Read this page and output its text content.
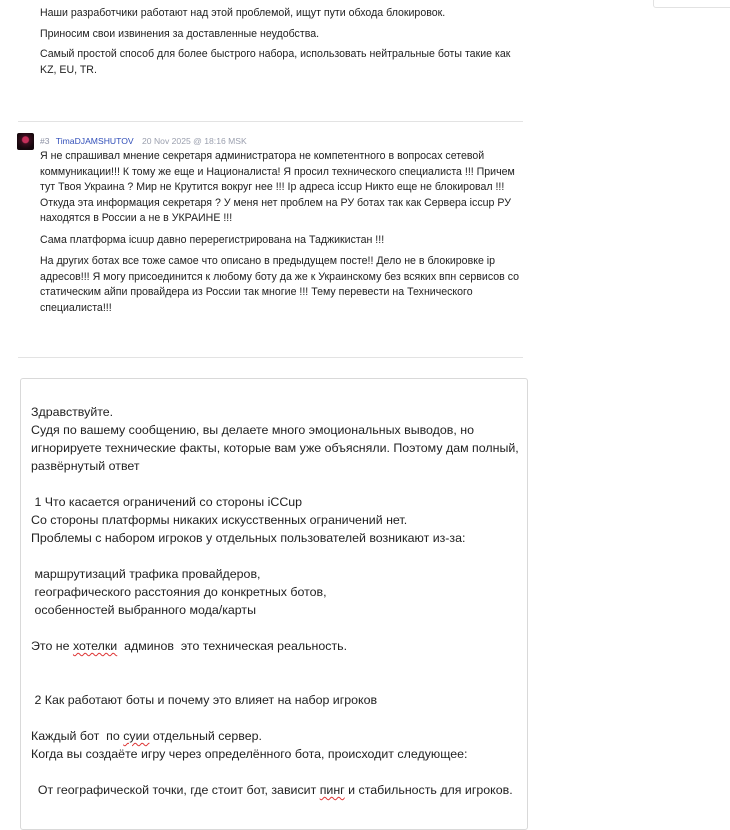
Наши разработчики работают над этой проблемой, ищут пути обхода блокировок.

Приносим свои извинения за доставленные неудобства.

Самый простой способ для более быстрого набора, использовать нейтральные боты такие как KZ, EU, TR.

#3 TimaDJAMSHUTOV 20 Nov 2025 @ 18:16 MSK

Я не спрашивал мнение секретаря администратора не компетентного в вопросах сетевой коммуникации!!! К тому же еще и Националиста! Я просил технического специалиста !!! Причем тут Твоя Украина ? Мир не Крутится вокруг нее !!! Ip адреса iccup Никто еще не блокировал !!! Откуда эта информация секретаря ? У меня нет проблем на РУ ботах так как Сервера iccup РУ находятся в России а не в УКРАИНЕ !!!

Сама платформа icuup давно перерегистрирована на Таджикистан !!!

На других ботах все тоже самое что описано в предыдущем посте!! Дело не в блокировке ip адресов!!! Я могу присоединится к любому боту да же к Украинскому без всяких впн сервисов со статическим айпи провайдера из России так многие !!! Тему перевести на Технического специалиста!!!

Здравствуйте.
Судя по вашему сообщению, вы делаете много эмоциональных выводов, но игнорируете технические факты, которые вам уже объясняли. Поэтому дам полный, развёрнутый ответ
1 Что касается ограничений со стороны iCCup
Со стороны платформы никаких искусственных ограничений нет.
Проблемы с набором игроков у отдельных пользователей возникают из-за:
маршрутизаций трафика провайдеров,
географического расстояния до конкретных ботов,
особенностей выбранного мода/карты
Это не хотелки  админов  это техническая реальность.
2 Как работают боты и почему это влияет на набор игроков
Каждый бот  по суии отдельный сервер.
Когда вы создаёте игру через определённого бота, происходит следующее:
От географической точки, где стоит бот, зависит пинг и стабильность для игроков.
